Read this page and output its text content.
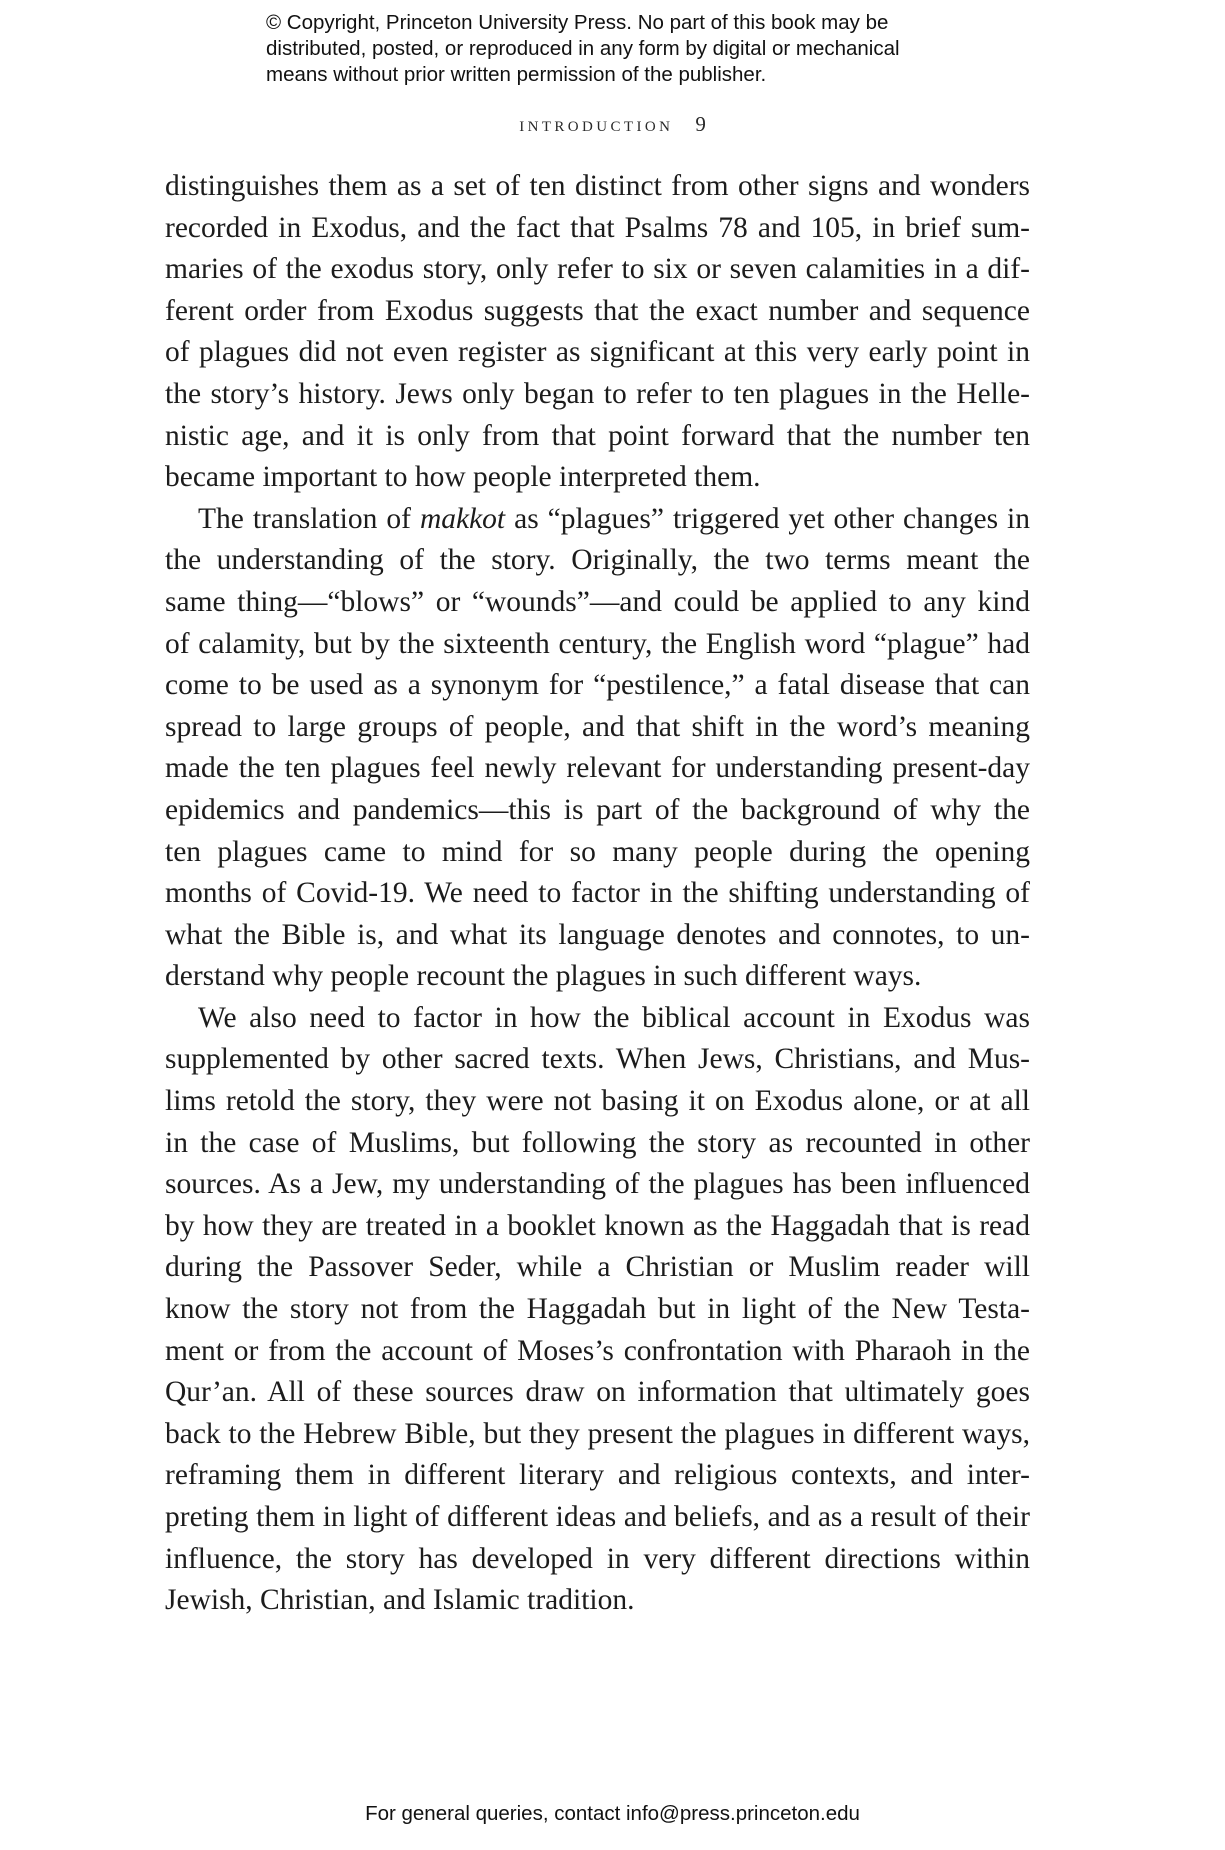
© Copyright, Princeton University Press. No part of this book may be
distributed, posted, or reproduced in any form by digital or mechanical
means without prior written permission of the publisher.
INTRODUCTION 9
distinguishes them as a set of ten distinct from other signs and wonders
recorded in Exodus, and the fact that Psalms 78 and 105, in brief sum-
maries of the exodus story, only refer to six or seven calamities in a dif-
ferent order from Exodus suggests that the exact number and sequence
of plagues did not even register as significant at this very early point in
the story’s history. Jews only began to refer to ten plagues in the Helle-
nistic age, and it is only from that point forward that the number ten
became important to how people interpreted them.
The translation of makkot as “plagues” triggered yet other changes in
the understanding of the story. Originally, the two terms meant the
same thing—“blows” or “wounds”—and could be applied to any kind
of calamity, but by the sixteenth century, the English word “plague” had
come to be used as a synonym for “pestilence,” a fatal disease that can
spread to large groups of people, and that shift in the word’s meaning
made the ten plagues feel newly relevant for understanding present-day
epidemics and pandemics—this is part of the background of why the
ten plagues came to mind for so many people during the opening
months of Covid-19. We need to factor in the shifting understanding of
what the Bible is, and what its language denotes and connotes, to un-
derstand why people recount the plagues in such different ways.
We also need to factor in how the biblical account in Exodus was
supplemented by other sacred texts. When Jews, Christians, and Mus-
lims retold the story, they were not basing it on Exodus alone, or at all
in the case of Muslims, but following the story as recounted in other
sources. As a Jew, my understanding of the plagues has been influenced
by how they are treated in a booklet known as the Haggadah that is read
during the Passover Seder, while a Christian or Muslim reader will
know the story not from the Haggadah but in light of the New Testa-
ment or from the account of Moses’s confrontation with Pharaoh in the
Qur’an. All of these sources draw on information that ultimately goes
back to the Hebrew Bible, but they present the plagues in different ways,
reframing them in different literary and religious contexts, and inter-
preting them in light of different ideas and beliefs, and as a result of their
influence, the story has developed in very different directions within
Jewish, Christian, and Islamic tradition.
For general queries, contact info@press.princeton.edu
